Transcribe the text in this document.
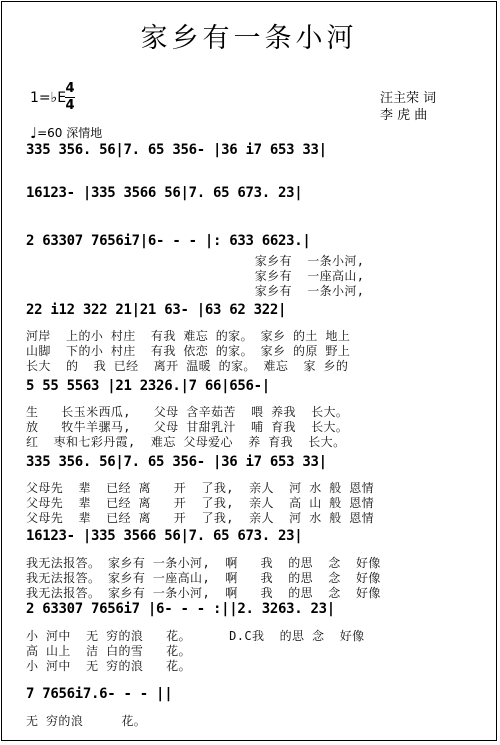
家乡有一条小河
1=♭E
4
4	汪主荣 词
李 虎 曲
♩=60 深情地
335 356. 56|7. 65 356- |36 i7 653 33|
16123- |335 3566 56|7. 65 673. 23|
2 63307 7656i7|6- - - |: 633 6623.|
家乡有  一条小河,
家乡有  一座高山,
家乡有  一条小河,
22 i12 322 21|21 63- |63 62 322|
河岸  上的小 村庄  有我 难忘 的家。 家乡 的土 地上
山脚  下的小 村庄  有我 依恋 的家。 家乡 的原 野上
长大  的  我 已经  离开 温暖 的家。 难忘  家 乡的
5 55 5563 |21 2326.|7 66|656-|
生   长玉米西瓜,   父母 含辛茹苦  喂 养我  长大。
放   牧牛羊骡马,   父母 甘甜乳汁  哺 育我  长大。
红  枣和七彩丹霞,  难忘 父母爱心  养 育我  长大。
335 356. 56|7. 65 356- |36 i7 653 33|
父母先  辈  已经 离   开  了我,  亲人  河 水 般 恩情
父母先  辈  已经 离   开  了我,  亲人  高 山 般 恩情
父母先  辈  已经 离   开  了我,  亲人  河 水 般 恩情
16123- |335 3566 56|7. 65 673. 23|
我无法报答。 家乡有 一条小河,  啊   我  的思  念  好像
我无法报答。 家乡有 一座高山,  啊   我  的思  念  好像
我无法报答。 家乡有 一条小河,  啊   我  的思  念  好像
2 63307 7656i7 |6- - - :||2. 3263. 23|
小 河中  无 穷的浪   花。     D.C我  的思 念  好像
高 山上  洁 白的雪   花。
小 河中  无 穷的浪   花。
7 7656i7.6- - - ||
无 穷的浪     花。
